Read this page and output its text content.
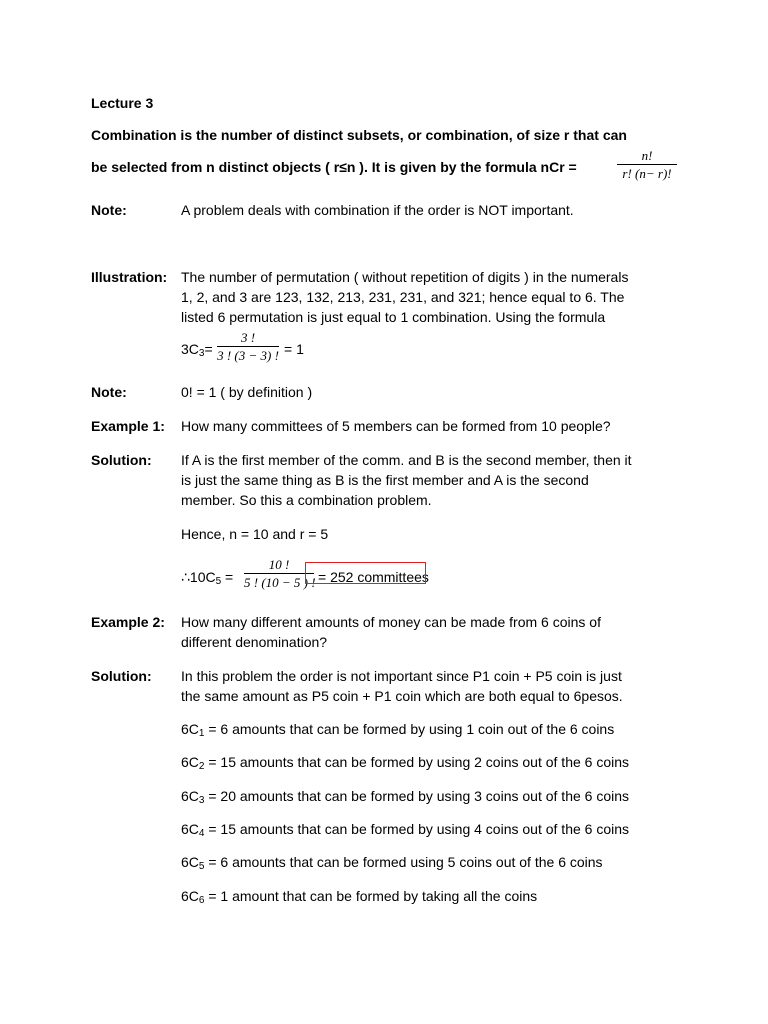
Lecture 3
Combination is the number of distinct subsets, or combination, of size r that can
be selected from n distinct objects ( r≤n ). It is given by the formula nCr =
n!
r! (n− r)!
Note:	A problem deals with combination if the order is NOT important.
Illustration: The number of permutation ( without repetition of digits ) in the numerals
1, 2, and 3 are 123, 132, 213, 231, 231, and 321; hence equal to 6. The
listed 6 permutation is just equal to 1 combination. Using the formula
$3C_3=$
3 !
3 ! (3 − 3) ! = 1
Note:	0! = 1 ( by definition )
Example 1: How many committees of 5 members can be formed from 10 people?
Solution: If A is the first member of the comm. and B is the second member, then it
is just the same thing as B is the first member and A is the second
member. So this a combination problem.
Hence, n = 10 and r = 5
$\therefore 10C_5$ =
10 !
5 ! (10 − 5 ) ! = 252 committees
Example 2: How many different amounts of money can be made from 6 coins of
different denomination?
Solution: In this problem the order is not important since P1 coin + P5 coin is just
the same amount as P5 coin + P1 coin which are both equal to 6pesos.
$6C_1 = 6$ amounts that can be formed by using 1 coin out of the 6 coins
$6C_2 = 15$ amounts that can be formed by using 2 coins out of the 6 coins
$6C_3 = 20$ amounts that can be formed by using 3 coins out of the 6 coins
$6C_4 = 15$ amounts that can be formed by using 4 coins out of the 6 coins
$6C_5 = 6$ amounts that can be formed using 5 coins out of the 6 coins
$6C_6 = 1$ amount that can be formed by taking all the coins
